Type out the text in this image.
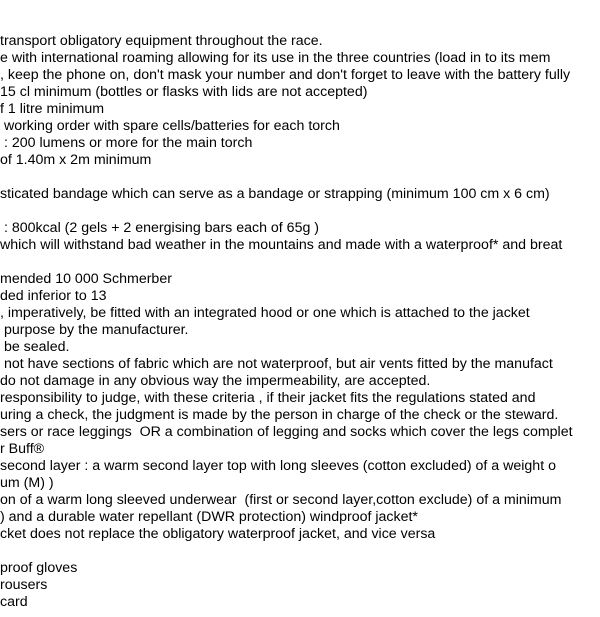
transport obligatory equipment throughout the race.
e with international roaming allowing for its use in the three countries (load in to its mem
, keep the phone on, don't mask your number and don't forget to leave with the battery fully
15 cl minimum (bottles or flasks with lids are not accepted)
f 1 litre minimum
working order with spare cells/batteries for each torch
: 200 lumens or more for the main torch
of 1.40m x 2m minimum
sticated bandage which can serve as a bandage or strapping (minimum 100 cm x 6 cm)
: 800kcal (2 gels + 2 energising bars each of 65g )
which will withstand bad weather in the mountains and made with a waterproof* and breat
mended 10 000 Schmerber
ded inferior to 13
, imperatively, be fitted with an integrated hood or one which is attached to the jacket
purpose by the manufacturer.
be sealed.
not have sections of fabric which are not waterproof, but air vents fitted by the manufact
do not damage in any obvious way the impermeability, are accepted.
responsibility to judge, with these criteria , if their jacket fits the regulations stated and
uring a check, the judgment is made by the person in charge of the check or the steward.
sers or race leggings  OR a combination of legging and socks which cover the legs complet
r Buff®
second layer : a warm second layer top with long sleeves (cotton excluded) of a weight o
um (M) )
on of a warm long sleeved underwear  (first or second layer,cotton exclude) of a minimum
) and a durable water repellant (DWR protection) windproof jacket*
cket does not replace the obligatory waterproof jacket, and vice versa
proof gloves
rousers
card
